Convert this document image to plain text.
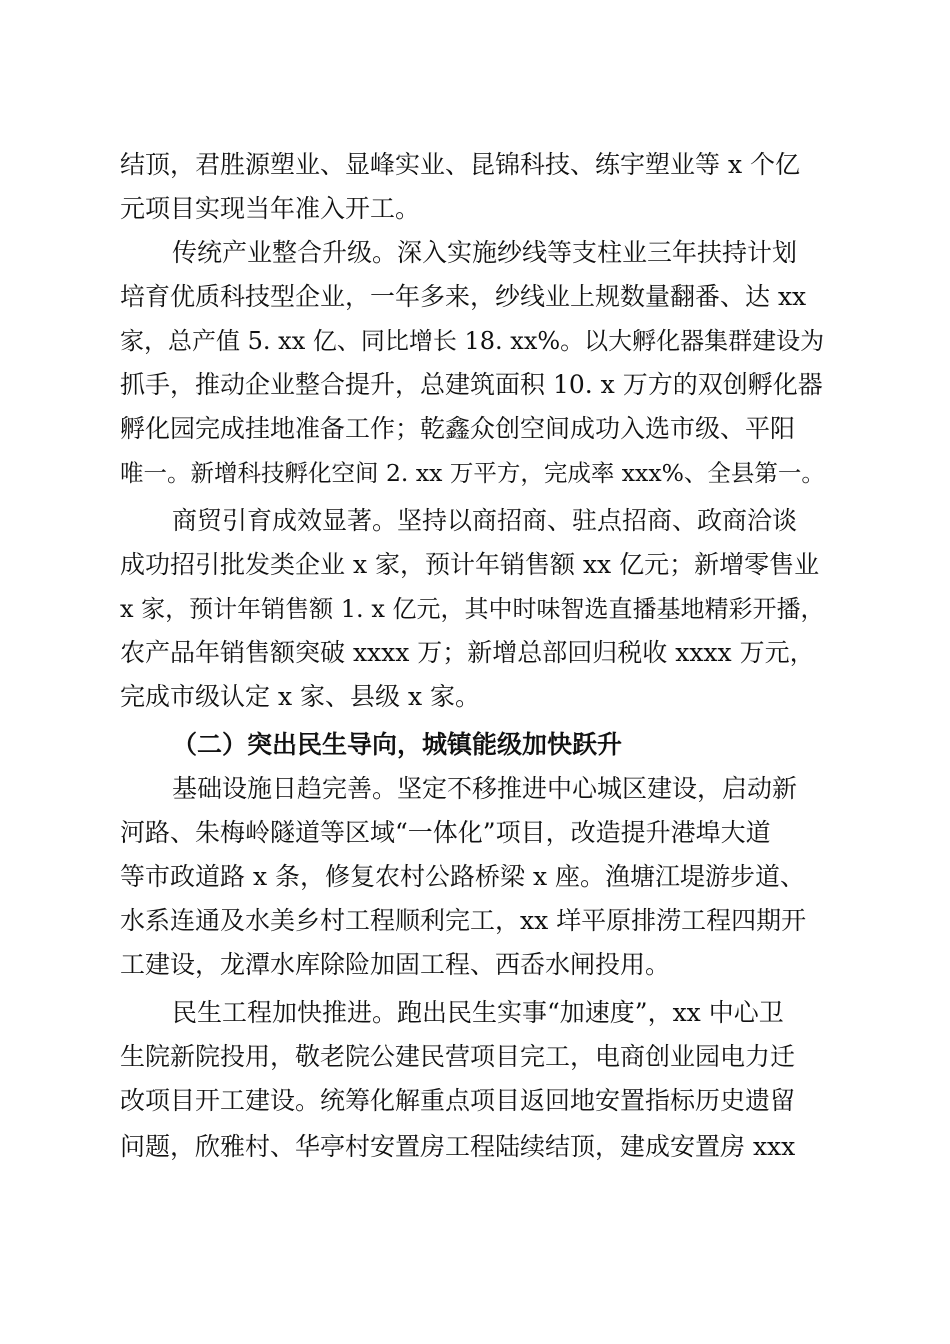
结顶，君胜源塑业、显峰实业、昆锦科技、练宇塑业等 x 个亿

元项目实现当年准入开工。

传统产业整合升级。深入实施纱线等支柱业三年扶持计划

培育优质科技型企业，一年多来，纱线业上规数量翻番、达 xx

家，总产值 5. xx 亿、同比增长 18. xx%。以大孵化器集群建设为

抓手，推动企业整合提升，总建筑面积 10. x 万方的双创孵化器

孵化园完成挂地准备工作；乾鑫众创空间成功入选市级、平阳

唯一。新增科技孵化空间 2. xx 万平方，完成率 xxx%、全县第一。

商贸引育成效显著。坚持以商招商、驻点招商、政商洽谈

成功招引批发类企业 x 家，预计年销售额 xx 亿元；新增零售业

x 家，预计年销售额 1. x 亿元，其中时味智选直播基地精彩开播，

农产品年销售额突破 xxxx 万；新增总部回归税收 xxxx 万元，

完成市级认定 x 家、县级 x 家。

（二）突出民生导向，城镇能级加快跃升

基础设施日趋完善。坚定不移推进中心城区建设，启动新

河路、朱梅岭隧道等区域“一体化”项目，改造提升港埠大道

等市政道路 x 条，修复农村公路桥梁 x 座。渔塘江堤游步道、

水系连通及水美乡村工程顺利完工，xx 垟平原排涝工程四期开

工建设，龙潭水库除险加固工程、西岙水闸投用。

民生工程加快推进。跑出民生实事“加速度”，xx 中心卫

生院新院投用，敬老院公建民营项目完工，电商创业园电力迁

改项目开工建设。统筹化解重点项目返回地安置指标历史遗留

问题，欣雅村、华亭村安置房工程陆续结顶，建成安置房 xxx
